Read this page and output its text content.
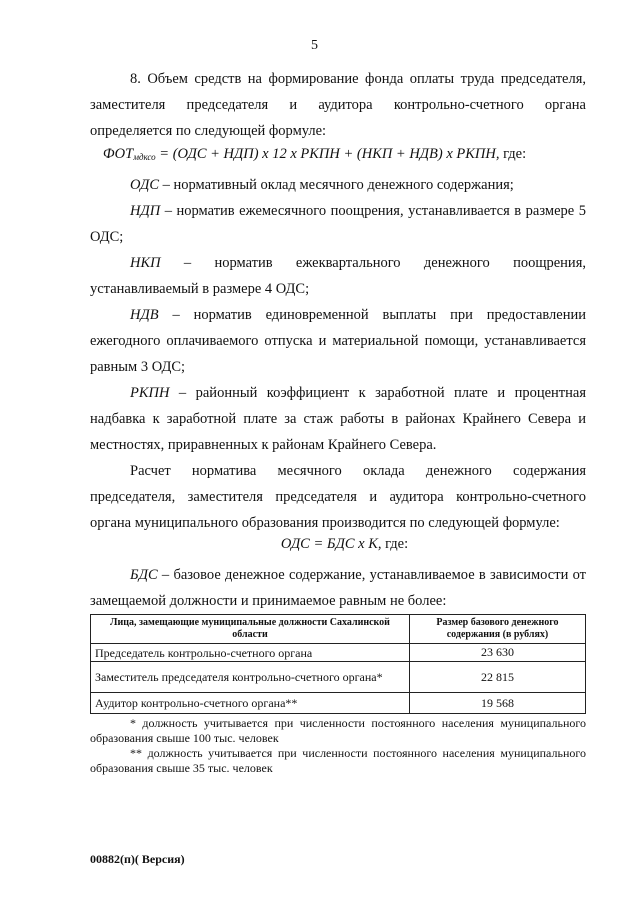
5
8. Объем средств на формирование фонда оплаты труда председателя,
заместителя председателя и аудитора контрольно-счетного органа
определяется по следующей формуле:
$ФОТ_{мдксо} = (ОДС + НДП)$ х 12 х РКПН + (НКП + НДВ) х РКПН, где:
ОДС – нормативный оклад месячного денежного содержания;
НДП – норматив ежемесячного поощрения, устанавливается в размере 5 ОДС;
НКП – норматив ежеквартального денежного поощрения, устанавливаемый в размере 4 ОДС;
НДВ – норматив единовременной выплаты при предоставлении ежегодного оплачиваемого отпуска и материальной помощи, устанавливается равным 3 ОДС;
РКПН – районный коэффициент к заработной плате и процентная надбавка к заработной плате за стаж работы в районах Крайнего Севера и местностях, приравненных к районам Крайнего Севера.
Расчет норматива месячного оклада денежного содержания председателя, заместителя председателя и аудитора контрольно-счетного органа муниципального образования производится по следующей формуле:
ОДС = БДС х К, где:
БДС – базовое денежное содержание, устанавливаемое в зависимости от замещаемой должности и принимаемое равным не более:
Лица, замещающие муниципальные должности Сахалинской области	Размер базового денежного содержания (в рублях)
Председатель контрольно-счетного органа	23 630
Заместитель председателя контрольно-счетного органа*	22 815
Аудитор контрольно-счетного органа**	19 568
* должность учитывается при численности постоянного населения муниципального образования свыше 100 тыс. человек
** должность учитывается при численности постоянного населения муниципального образования свыше 35 тыс. человек
00882(п)( Версия)
